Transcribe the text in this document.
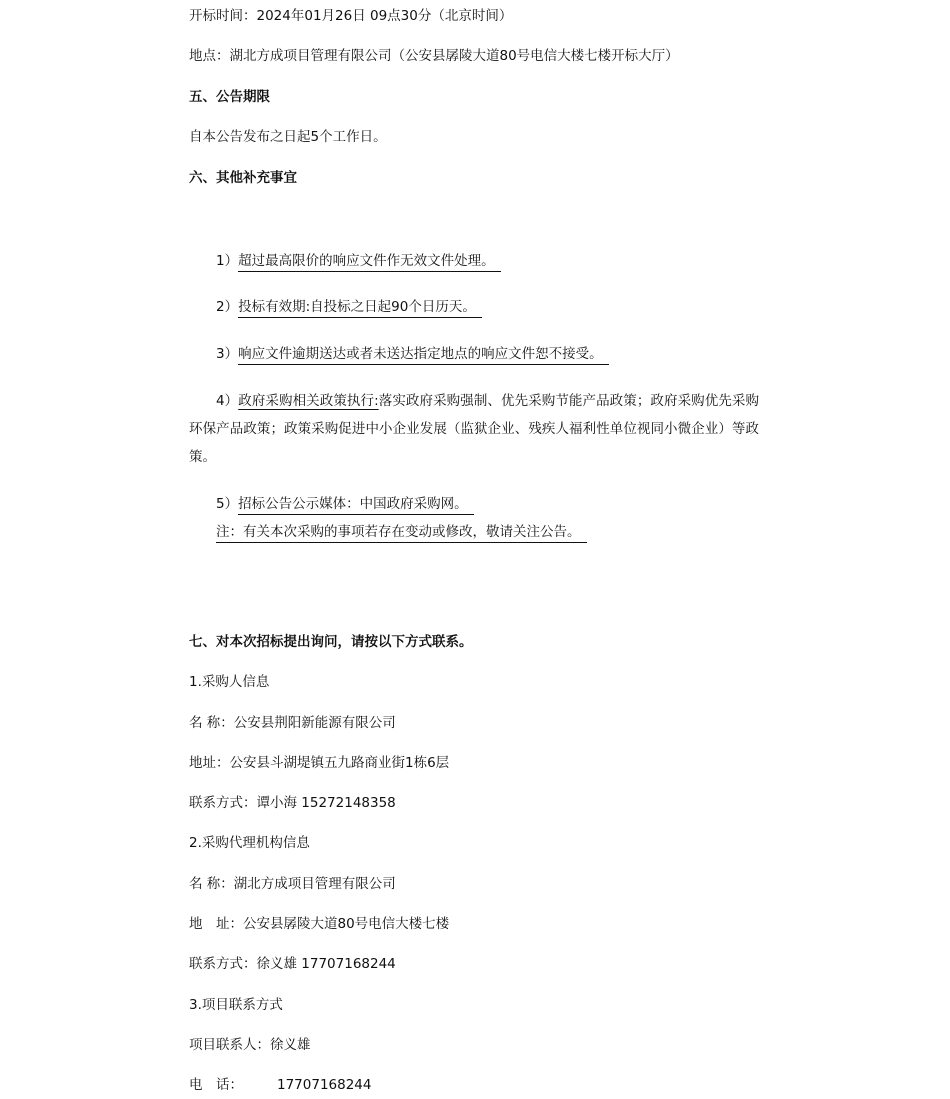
开标时间：2024年01月26日 09点30分（北京时间）
地点：湖北方成项目管理有限公司（公安县孱陵大道80号电信大楼七楼开标大厅）
五、公告期限
自本公告发布之日起5个工作日。
六、其他补充事宜
1）超过最高限价的响应文件作无效文件处理。
2）投标有效期:自投标之日起90个日历天。
3）响应文件逾期送达或者未送达指定地点的响应文件恕不接受。
4）政府采购相关政策执行:落实政府采购强制、优先采购节能产品政策；政府采购优先采购环保产品政策；政策采购促进中小企业发展（监狱企业、残疾人福利性单位视同小微企业）等政策。
5）招标公告公示媒体：中国政府采购网。
注：有关本次采购的事项若存在变动或修改，敬请关注公告。
七、对本次招标提出询问，请按以下方式联系。
1.采购人信息
名 称：公安县荆阳新能源有限公司
地址：公安县斗湖堤镇五九路商业街1栋6层
联系方式：谭小海 15272148358
2.采购代理机构信息
名 称：湖北方成项目管理有限公司
地　址：公安县孱陵大道80号电信大楼七楼
联系方式：徐义雄 17707168244
3.项目联系方式
项目联系人：徐义雄
电　话：	17707168244
